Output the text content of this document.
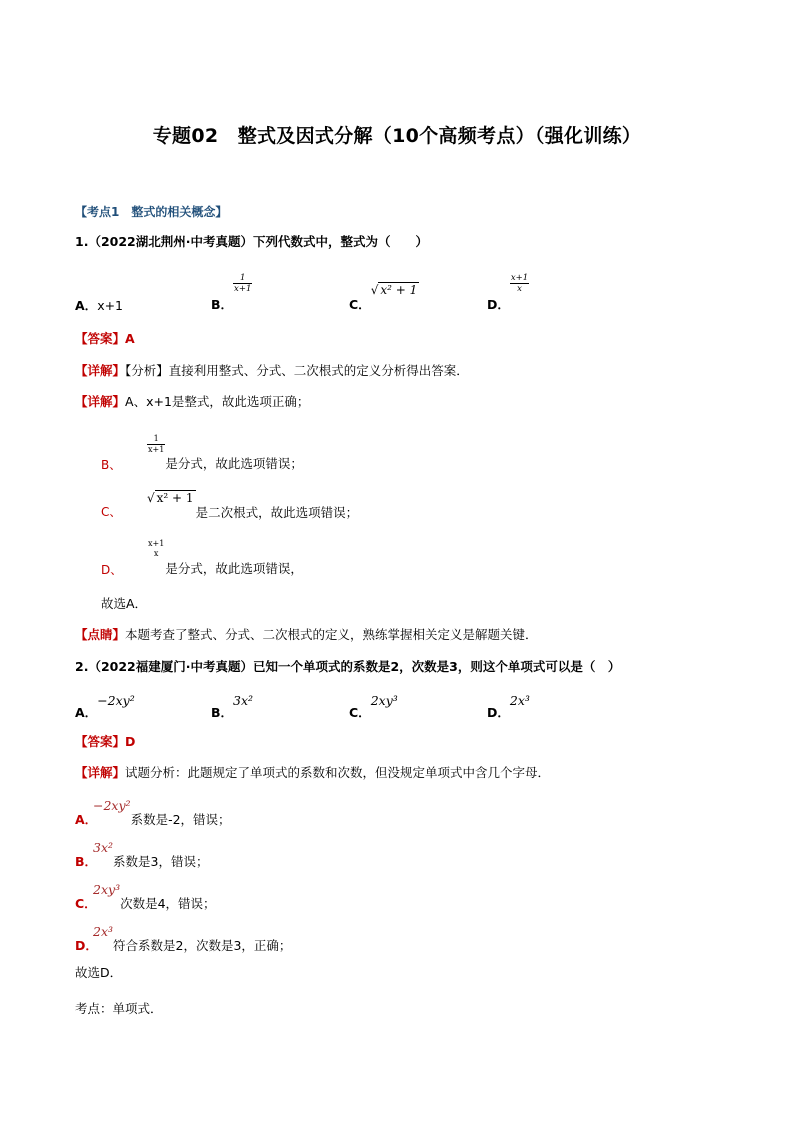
专题02　整式及因式分解（10个高频考点）（强化训练）
【考点1　整式的相关概念】
1.（2022湖北荆州·中考真题）下列代数式中，整式为（　　）
A．x+1	B．
$\frac{1}{x+1}$
C．√ x² + 1
D．
$\frac{x+1}{x}$
【答案】A
【详解】【分析】直接利用整式、分式、二次根式的定义分析得出答案．
【详解】A、x+1是整式，故此选项正确；
B、
$\frac{1}{x+1}$
是分式，故此选项错误；
C、√ x² + 1是二次根式，故此选项错误；
D、
x+1
x
是分式，故此选项错误，
故选A．
【点睛】本题考查了整式、分式、二次根式的定义，熟练掌握相关定义是解题关键．
2.（2022福建厦门·中考真题）已知一个单项式的系数是2，次数是3，则这个单项式可以是（　）
A．−2xy²
B．3x²
C．2xy³
D．2x³
【答案】D
【详解】试题分析：此题规定了单项式的系数和次数，但没规定单项式中含几个字母．
A．−2xy²系数是-2，错误；
B．3x²系数是3，错误；
C．2xy³次数是4，错误；
D．2x³符合系数是2，次数是3，正确；
故选D．
考点：单项式．
